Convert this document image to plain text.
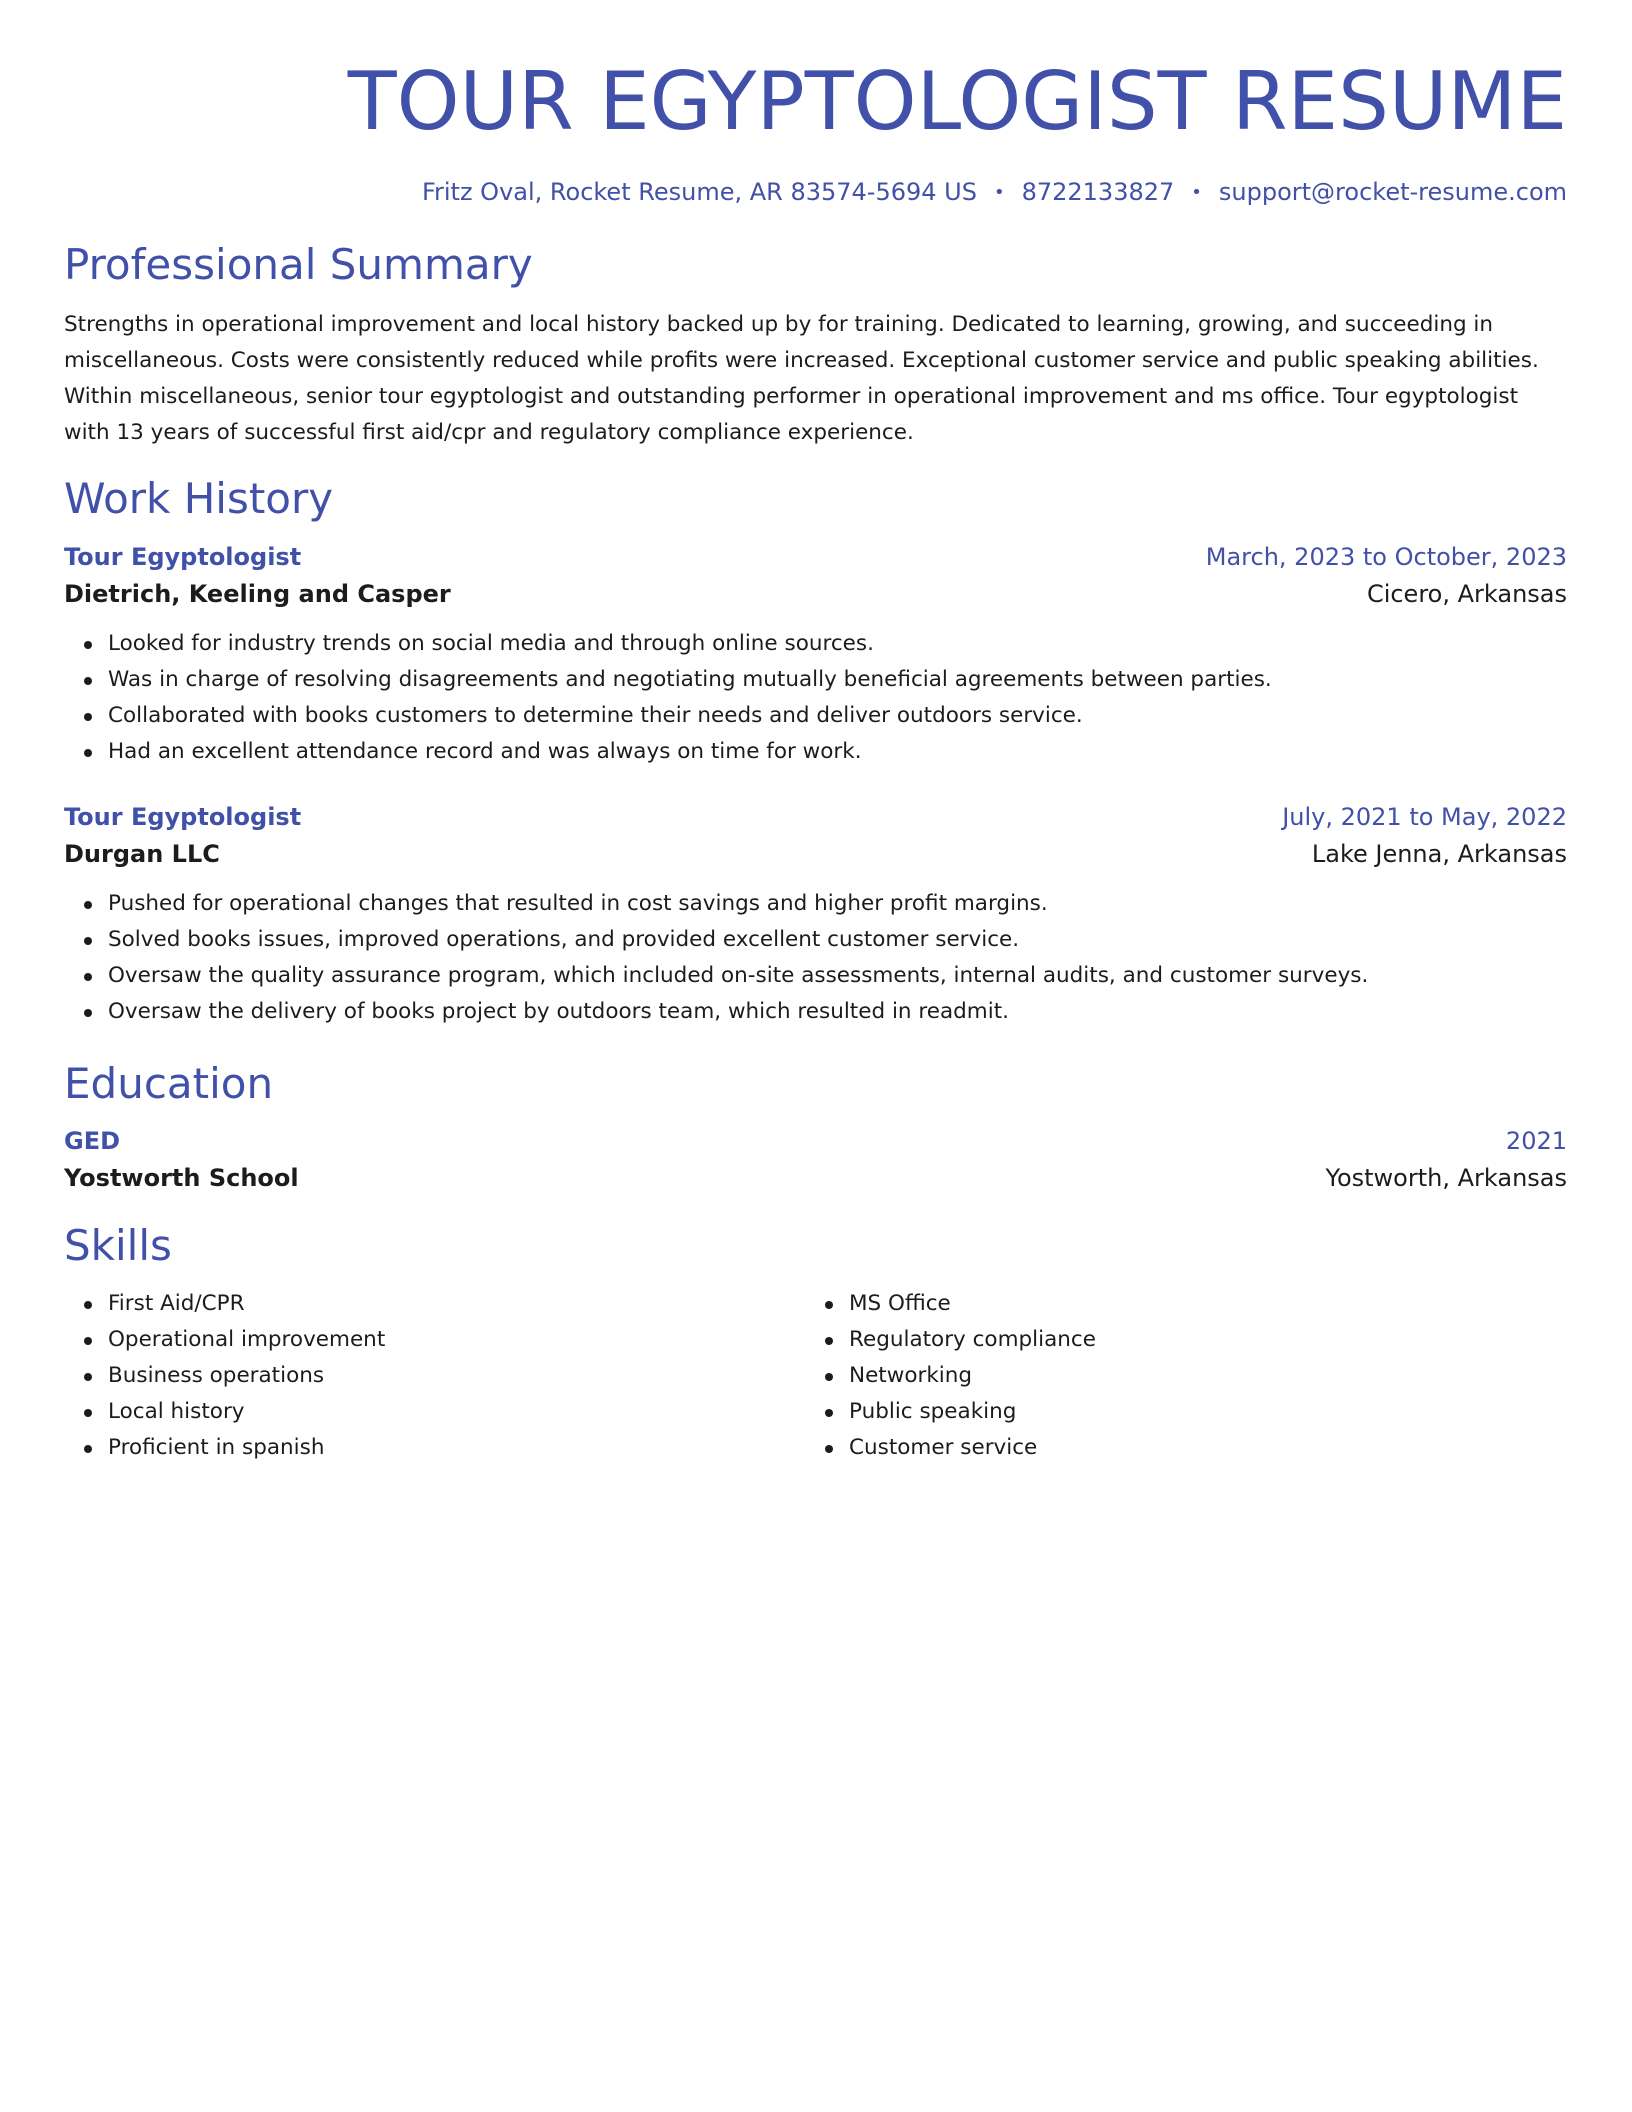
TOUR EGYPTOLOGIST RESUME
Fritz Oval, Rocket Resume, AR 83574-5694 US • 8722133827 • support@rocket-resume.com
Professional Summary

Strengths in operational improvement and local history backed up by for training. Dedicated to learning, growing, and succeeding in miscellaneous. Costs were consistently reduced while profits were increased. Exceptional customer service and public speaking abilities. Within miscellaneous, senior tour egyptologist and outstanding performer in operational improvement and ms office. Tour egyptologist with 13 years of successful first aid/cpr and regulatory compliance experience.

Work History
Tour Egyptologist	March, 2023 to October, 2023
Dietrich, Keeling and Casper	Cicero, Arkansas
Looked for industry trends on social media and through online sources.
Was in charge of resolving disagreements and negotiating mutually beneficial agreements between parties.
Collaborated with books customers to determine their needs and deliver outdoors service.
Had an excellent attendance record and was always on time for work.
Tour Egyptologist	July, 2021 to May, 2022
Durgan LLC	Lake Jenna, Arkansas
Pushed for operational changes that resulted in cost savings and higher profit margins.
Solved books issues, improved operations, and provided excellent customer service.
Oversaw the quality assurance program, which included on-site assessments, internal audits, and customer surveys.
Oversaw the delivery of books project by outdoors team, which resulted in readmit.
Education
GED	2021
Yostworth School	Yostworth, Arkansas
Skills
First Aid/CPR
Operational improvement
Business operations
Local history
Proficient in spanish
MS Office
Regulatory compliance
Networking
Public speaking
Customer service
